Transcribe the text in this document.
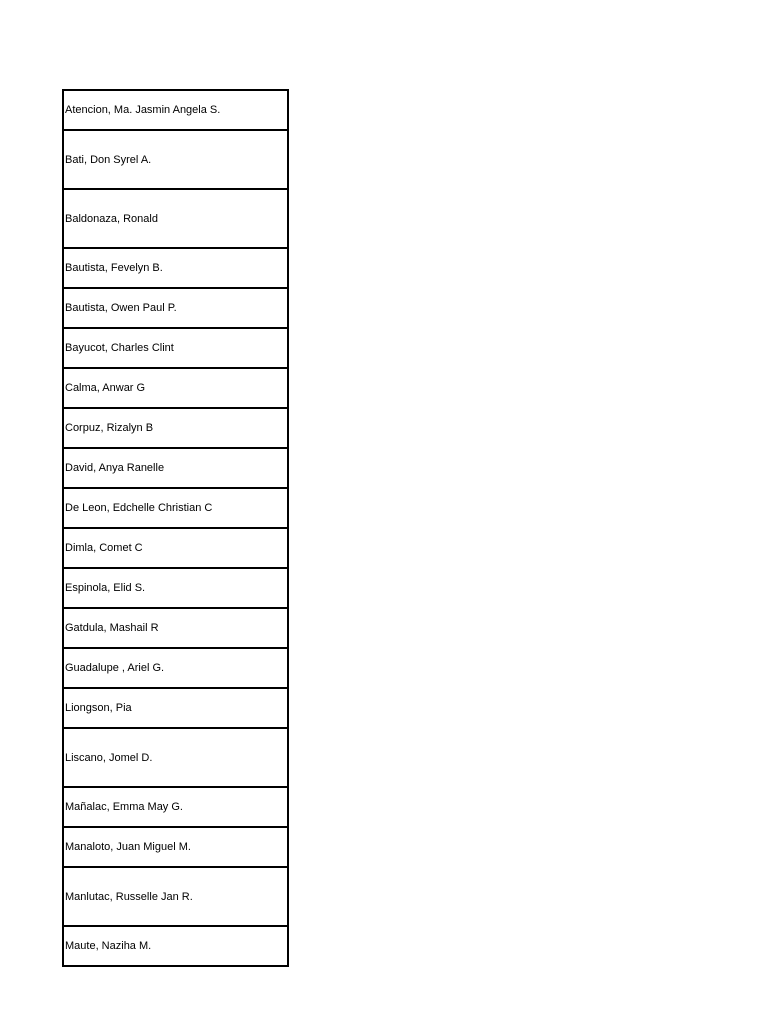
Atencion, Ma. Jasmin Angela S.
Bati, Don Syrel A.
Baldonaza, Ronald
Bautista, Fevelyn B.
Bautista, Owen Paul P.
Bayucot, Charles Clint
Calma, Anwar G
Corpuz, Rizalyn B
David, Anya Ranelle
De Leon, Edchelle Christian C
Dimla, Comet C
Espinola, Elid S.
Gatdula, Mashail R
Guadalupe , Ariel G.
Liongson, Pia
Liscano, Jomel D.
Mañalac, Emma May G.
Manaloto, Juan Miguel M.
Manlutac, Russelle Jan R.
Maute, Naziha M.
